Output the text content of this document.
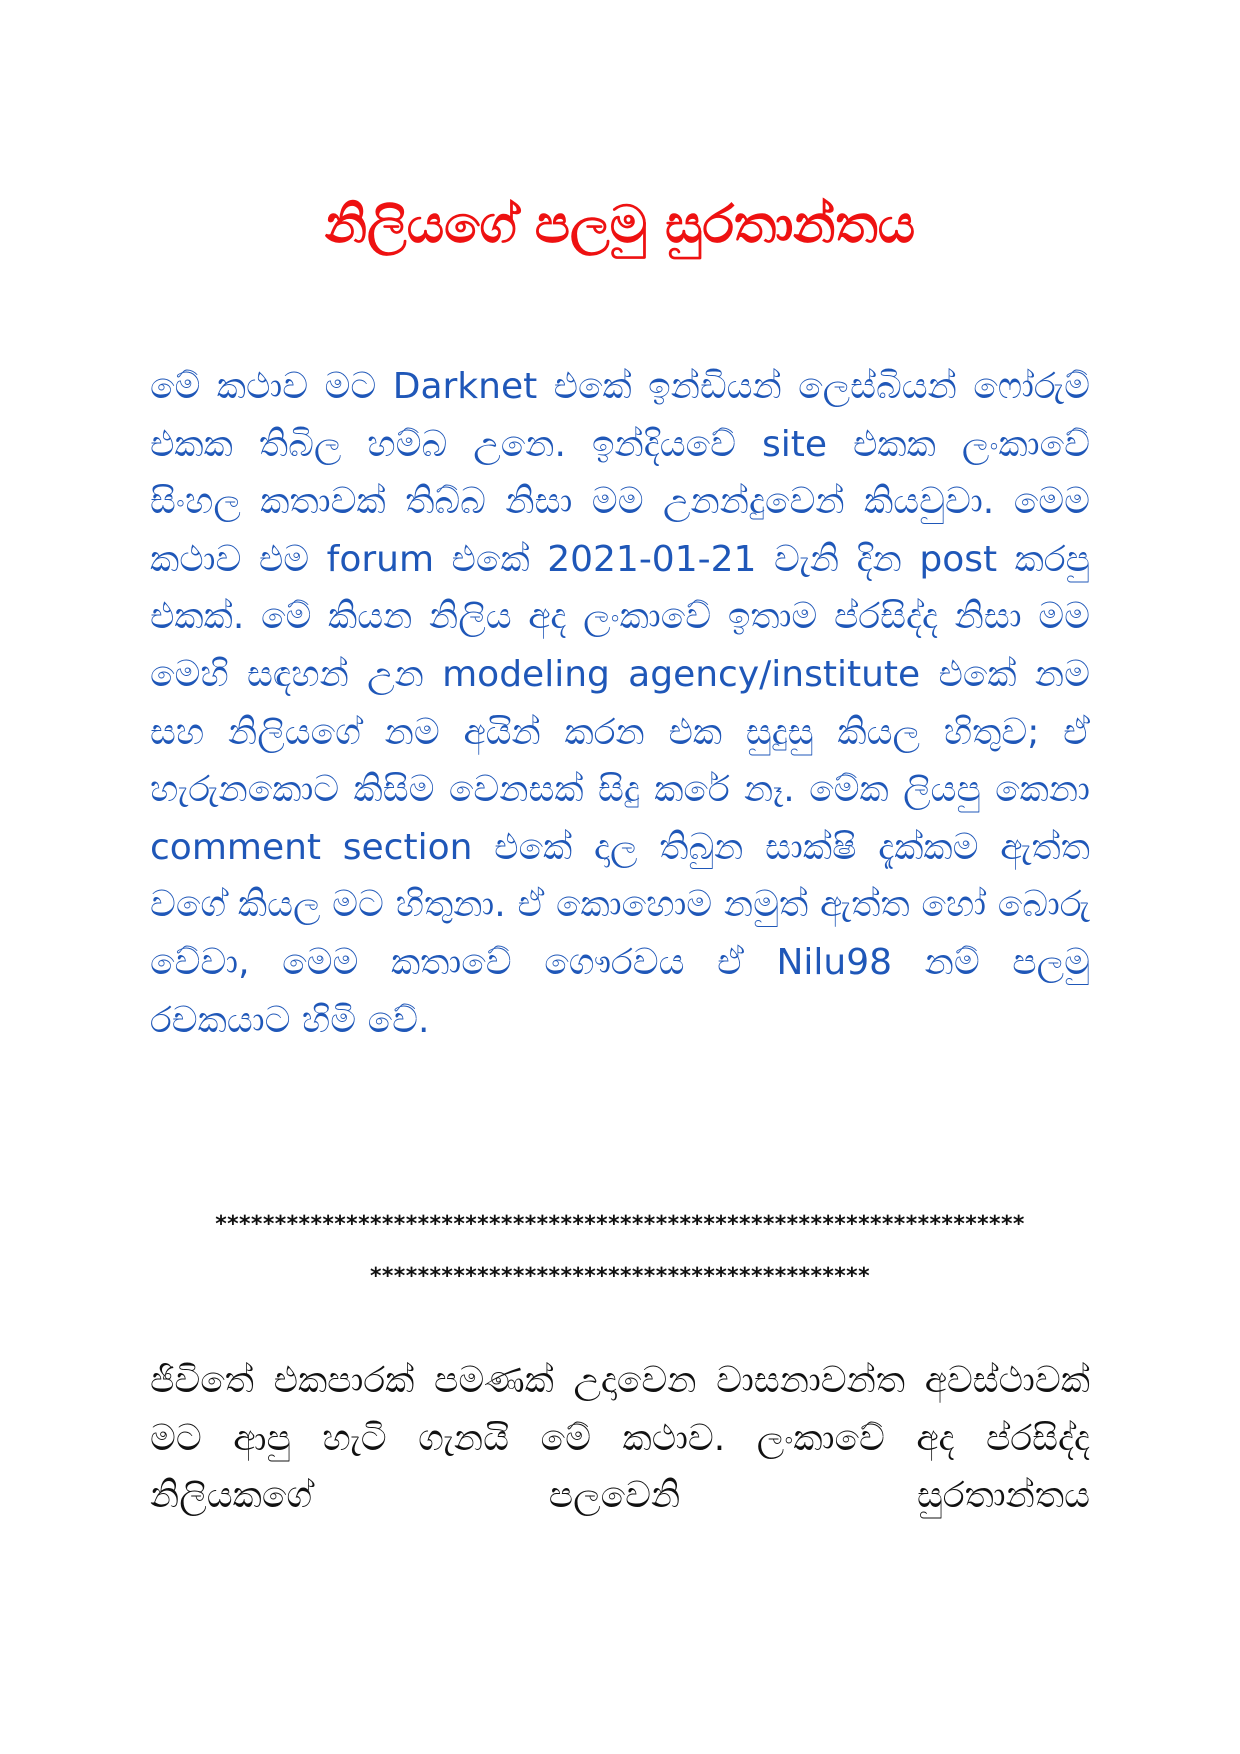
නිලියගේ පලමු සුරතාන්තය

මේ කථාව මට Darknet එකේ ඉන්ඩියන් ලෙස්බියන් ෆෝරුම් එකක තිබිල හම්බ උනෙ. ඉන්දියවේ site එකක ලංකාවේ සිංහල කතාවක් තිබ්බ නිසා මම උනන්දුවෙන් කියවුවා. මෙම කථාව එම forum එකේ 2021-01-21 වැනි දින post කරපු එකක්. මේ කියන නිලිය අද ලංකාවේ ඉතාම ප්රසිද්ද නිසා මම මෙහි සඳහන් උන modeling agency/institute එකේ නම සහ නිලියගේ නම අයින් කරන එක සුදුසු කියල හිතුව; ඒ හැරුනකොට කිසිම වෙනසක් සිදු කරේ නෑ. මේක ලියපු කෙනා comment section එකේ දාල තිබුන සාක්ෂි දැක්කම ඇත්ත වගේ කියල මට හිතුනා. ඒ කොහොම නමුත් ඇත්ත හෝ බොරු වේවා, මෙම කතාවේ ගෞරවය ඒ Nilu98 නම් පලමු රචකයාට හිමි වේ.

********************************************************************
******************************************

ජිවිතේ එකපාරක් පමණක් උදාවෙන වාසනාවන්ත අවස්ථාවක් මට ආපු හැටි ගැනයි මේ කථාව. ලංකාවේ අද ප්රසිද්ද නිලියකගේ පලවෙනි සුරතාන්තය
